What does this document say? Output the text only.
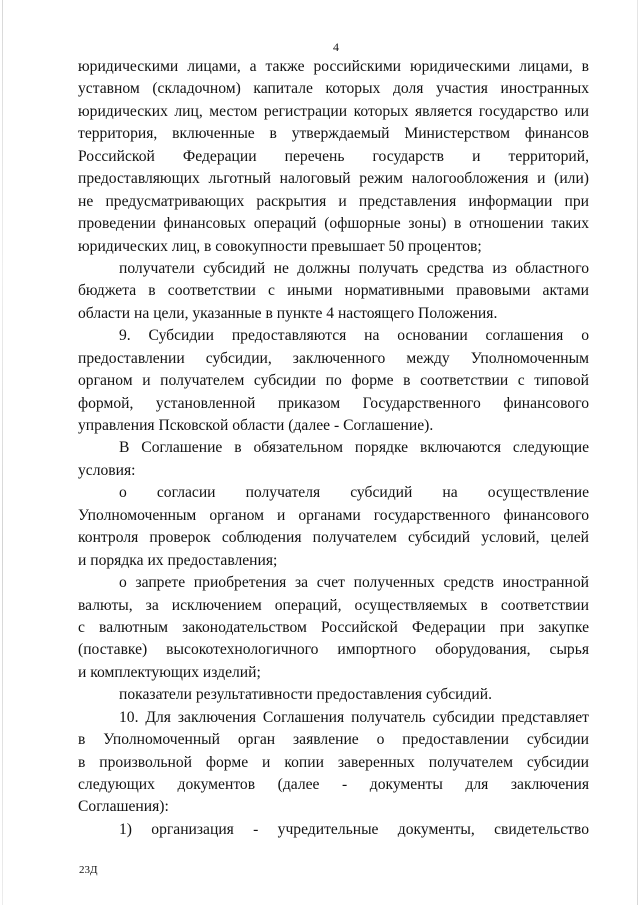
4

юридическими лицами, а также российскими юридическими лицами, в
уставном (складочном) капитале которых доля участия иностранных
юридических лиц, местом регистрации которых является государство или
территория, включенные в утверждаемый Министерством финансов
Российской Федерации перечень государств и территорий,
предоставляющих льготный налоговый режим налогообложения и (или)
не предусматривающих раскрытия и представления информации при
проведении финансовых операций (офшорные зоны) в отношении таких
юридических лиц, в совокупности превышает 50 процентов;

получатели субсидий не должны получать средства из областного
бюджета в соответствии с иными нормативными правовыми актами
области на цели, указанные в пункте 4 настоящего Положения.

9. Субсидии предоставляются на основании соглашения о
предоставлении субсидии, заключенного между Уполномоченным
органом и получателем субсидии по форме в соответствии с типовой
формой, установленной приказом Государственного финансового
управления Псковской области (далее - Соглашение).

В Соглашение в обязательном порядке включаются следующие
условия:

о согласии получателя субсидий на осуществление
Уполномоченным органом и органами государственного финансового
контроля проверок соблюдения получателем субсидий условий, целей
и порядка их предоставления;

о запрете приобретения за счет полученных средств иностранной
валюты, за исключением операций, осуществляемых в соответствии
с валютным законодательством Российской Федерации при закупке
(поставке) высокотехнологичного импортного оборудования, сырья
и комплектующих изделий;

показатели результативности предоставления субсидий.

10. Для заключения Соглашения получатель субсидии представляет
в Уполномоченный орган заявление о предоставлении субсидии
в произвольной форме и копии заверенных получателем субсидии
следующих документов (далее - документы для заключения
Соглашения):

1) организация - учредительные документы, свидетельство

23Д
